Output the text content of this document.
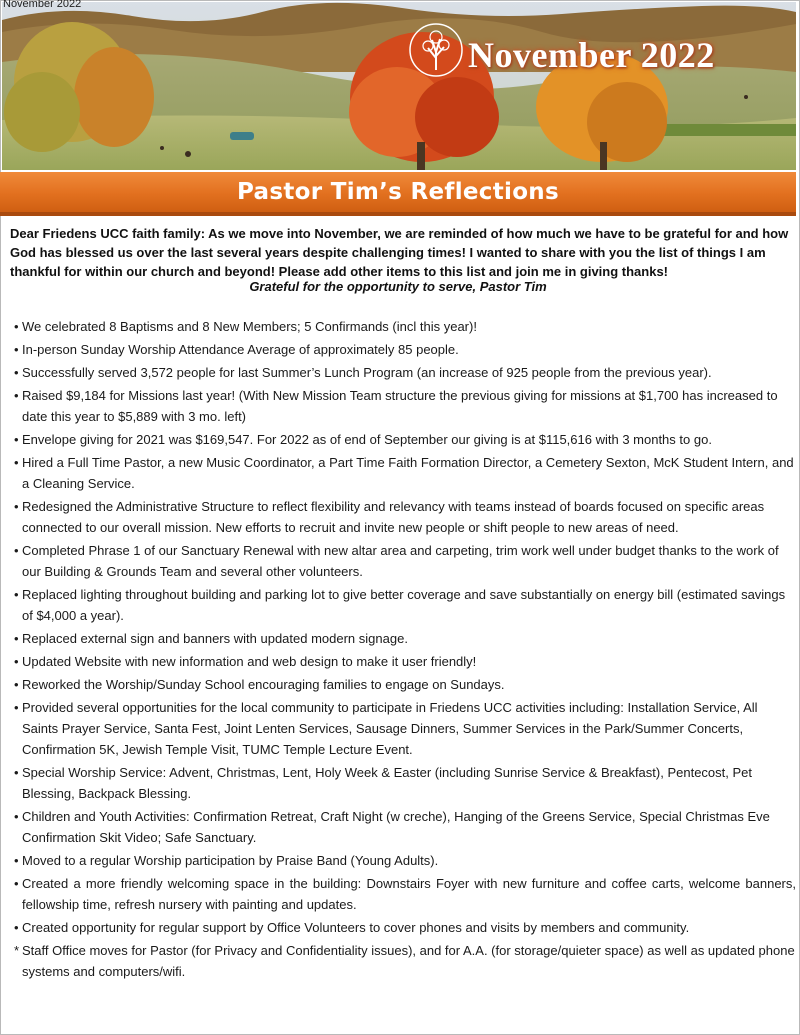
November 2022
November 2022
Pastor Tim’s Reflections
Dear Friedens UCC faith family: As we move into November, we are reminded of how much we have to be grateful for and how God has blessed us over the last several years despite challenging times! I wanted to share with you the list of things I am thankful for within our church and beyond! Please add other items to this list and join me in giving thanks!
Grateful for the opportunity to serve, Pastor Tim
• We celebrated 8 Baptisms and 8 New Members; 5 Confirmands (incl this year)!
• In-person Sunday Worship Attendance Average of approximately 85 people.
• Successfully served 3,572 people for last Summer’s Lunch Program (an increase of 925 people from the previous year).
• Raised $9,184 for Missions last year! (With New Mission Team structure the previous giving for missions at $1,700 has increased to date this year to $5,889 with 3 mo. left)
• Envelope giving for 2021 was $169,547. For 2022 as of end of September our giving is at $115,616 with 3 months to go.
• Hired a Full Time Pastor, a new Music Coordinator, a Part Time Faith Formation Director, a Cemetery Sexton, McK Student Intern, and a Cleaning Service.
• Redesigned the Administrative Structure to reflect flexibility and relevancy with teams instead of boards focused on specific areas connected to our overall mission. New efforts to recruit and invite new people or shift people to new areas of need.
• Completed Phrase 1 of our Sanctuary Renewal with new altar area and carpeting, trim work well under budget thanks to the work of our Building & Grounds Team and several other volunteers.
• Replaced lighting throughout building and parking lot to give better coverage and save substantially on energy bill (estimated savings of $4,000 a year).
• Replaced external sign and banners with updated modern signage.
• Updated Website with new information and web design to make it user friendly!
• Reworked the Worship/Sunday School encouraging families to engage on Sundays.
• Provided several opportunities for the local community to participate in Friedens UCC activities including: Installation Service, All Saints Prayer Service, Santa Fest, Joint Lenten Services, Sausage Dinners, Summer Services in the Park/Summer Concerts, Confirmation 5K, Jewish Temple Visit, TUMC Temple Lecture Event.
• Special Worship Service: Advent, Christmas, Lent, Holy Week & Easter (including Sunrise Service & Breakfast), Pentecost, Pet Blessing, Backpack Blessing.
• Children and Youth Activities: Confirmation Retreat, Craft Night (w creche), Hanging of the Greens Service, Special Christmas Eve Confirmation Skit Video; Safe Sanctuary.
• Moved to a regular Worship participation by Praise Band (Young Adults).
• Created a more friendly welcoming space in the building: Downstairs Foyer with new furniture and coffee carts, welcome banners, fellowship time, refresh nursery with painting and updates.
• Created opportunity for regular support by Office Volunteers to cover phones and visits by members and community.
* Staff Office moves for Pastor (for Privacy and Confidentiality issues), and for A.A. (for storage/quieter space) as well as updated phone systems and computers/wifi.
